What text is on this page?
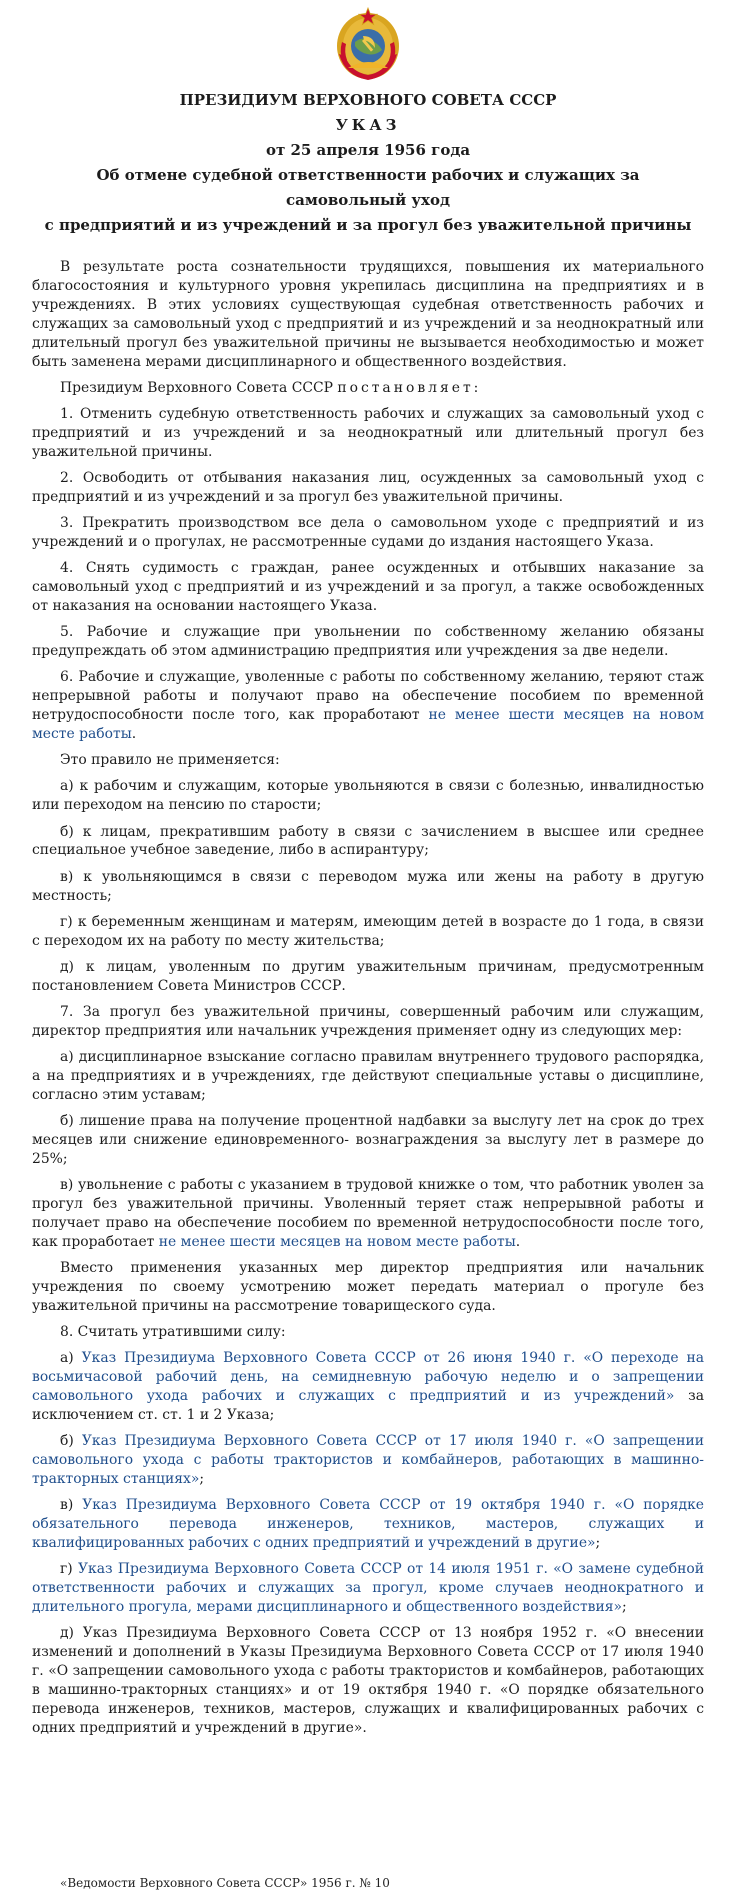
ПРЕЗИДИУМ ВЕРХОВНОГО СОВЕТА СССР
УКАЗ
от 25 апреля 1956 года
Об отмене судебной ответственности рабочих и служащих за самовольный уход
с предприятий и из учреждений и за прогул без уважительной причины

В результате роста сознательности трудящихся, повышения их материального благосостояния и культурного уровня укрепилась дисциплина на предприятиях и в учреждениях. В этих условиях существующая судебная ответственность рабочих и служащих за самовольный уход с предприятий и из учреждений и за неоднократный или длительный прогул без уважительной причины не вызывается необходимостью и может быть заменена мерами дисциплинарного и общественного воздействия.

Президиум Верховного Совета СССР постановляет:

1. Отменить судебную ответственность рабочих и служащих за самовольный уход с предприятий и из учреждений и за неоднократный или длительный прогул без уважительной причины.

2. Освободить от отбывания наказания лиц, осужденных за самовольный уход с предприятий и из учреждений и за прогул без уважительной причины.

3. Прекратить производством все дела о самовольном уходе с предприятий и из учреждений и о прогулах, не рассмотренные судами до издания настоящего Указа.

4. Снять судимость с граждан, ранее осужденных и отбывших наказание за самовольный уход с предприятий и из учреждений и за прогул, а также освобожденных от наказания на основании настоящего Указа.

5. Рабочие и служащие при увольнении по собственному желанию обязаны предупреждать об этом администрацию предприятия или учреждения за две недели.

6. Рабочие и служащие, уволенные с работы по собственному желанию, теряют стаж непрерывной работы и получают право на обеспечение пособием по временной нетрудоспособности после того, как проработают не менее шести месяцев на новом месте работы.

Это правило не применяется:

а) к рабочим и служащим, которые увольняются в связи с болезнью, инвалидностью или переходом на пенсию по старости;

б) к лицам, прекратившим работу в связи с зачислением в высшее или среднее специальное учебное заведение, либо в аспирантуру;

в) к увольняющимся в связи с переводом мужа или жены на работу в другую местность;

г) к беременным женщинам и матерям, имеющим детей в возрасте до 1 года, в связи с переходом их на работу по месту жительства;

д) к лицам, уволенным по другим уважительным причинам, предусмотренным постановлением Совета Министров СССР.

7. За прогул без уважительной причины, совершенный рабочим или служащим, директор предприятия или начальник учреждения применяет одну из следующих мер:

а) дисциплинарное взыскание согласно правилам внутреннего трудового распорядка, а на предприятиях и в учреждениях, где действуют специальные уставы о дисциплине, согласно этим уставам;

б) лишение права на получение процентной надбавки за выслугу лет на срок до трех месяцев или снижение единовременного- вознаграждения за выслугу лет в размере до 25%;

в) увольнение с работы с указанием в трудовой книжке о том, что работник уволен за прогул без уважительной причины. Уволенный теряет стаж непрерывной работы и получает право на обеспечение пособием по временной нетрудоспособности после того, как проработает не менее шести месяцев на новом месте работы.

Вместо применения указанных мер директор предприятия или начальник учреждения по своему усмотрению может передать материал о прогуле без уважительной причины на рассмотрение товарищеского суда.

8. Считать утратившими силу:

а) Указ Президиума Верховного Совета СССР от 26 июня 1940 г. «О переходе на восьмичасовой рабочий день, на семидневную рабочую неделю и о запрещении самовольного ухода рабочих и служащих с предприятий и из учреждений» за исключением ст. ст. 1 и 2 Указа;

б) Указ Президиума Верховного Совета СССР от 17 июля 1940 г. «О запрещении самовольного ухода с работы трактористов и комбайнеров, работающих в машинно-тракторных станциях»;

в) Указ Президиума Верховного Совета СССР от 19 октября 1940 г. «О порядке обязательного перевода инженеров, техников, мастеров, служащих и квалифицированных рабочих с одних предприятий и учреждений в другие»;

г) Указ Президиума Верховного Совета СССР от 14 июля 1951 г. «О замене судебной ответственности рабочих и служащих за прогул, кроме случаев неоднократного и длительного прогула, мерами дисциплинарного и общественного воздействия»;

д) Указ Президиума Верховного Совета СССР от 13 ноября 1952 г. «О внесении изменений и дополнений в Указы Президиума Верховного Совета СССР от 17 июля 1940 г. «О запрещении самовольного ухода с работы трактористов и комбайнеров, работающих в машинно-тракторных станциях» и от 19 октября 1940 г. «О порядке обязательного перевода инженеров, техников, мастеров, служащих и квалифицированных рабочих с одних предприятий и учреждений в другие».

«Ведомости Верховного Совета СССР» 1956 г. № 10
